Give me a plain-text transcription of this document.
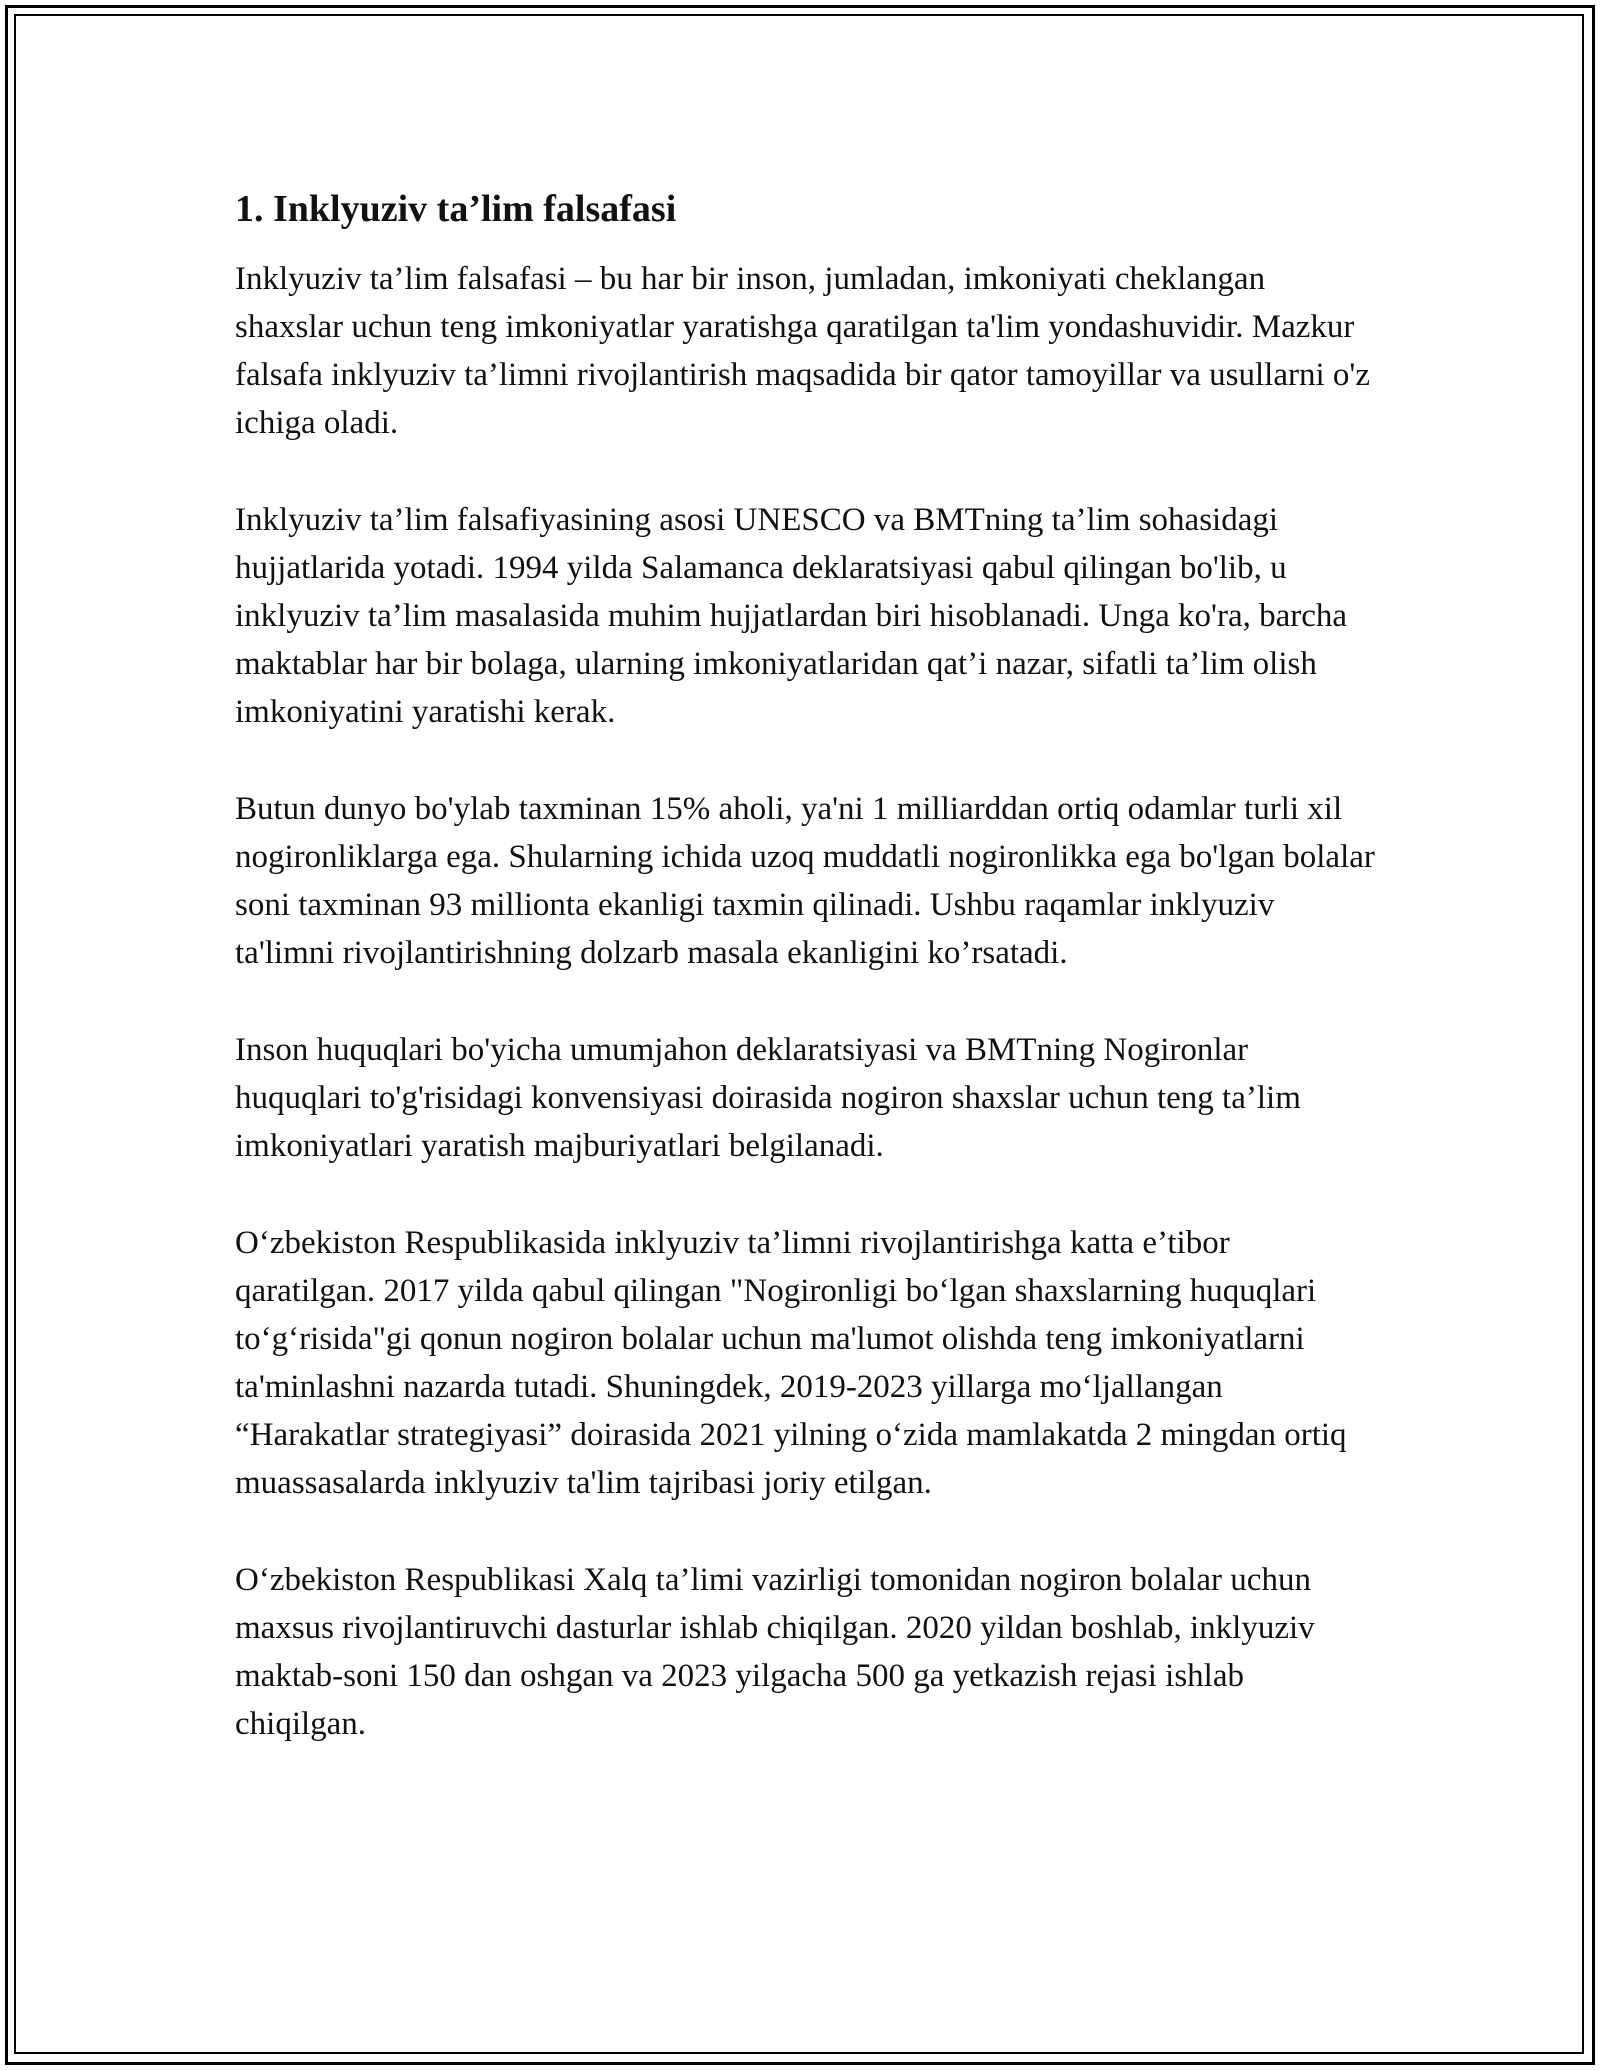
1. Inklyuziv ta’lim falsafasi

Inklyuziv ta’lim falsafasi – bu har bir inson, jumladan, imkoniyati cheklangan shaxslar uchun teng imkoniyatlar yaratishga qaratilgan ta'lim yondashuvidir. Mazkur falsafa inklyuziv ta’limni rivojlantirish maqsadida bir qator tamoyillar va usullarni o'z ichiga oladi.

Inklyuziv ta’lim falsafiyasining asosi UNESCO va BMTning ta’lim sohasidagi hujjatlarida yotadi. 1994 yilda Salamanca deklaratsiyasi qabul qilingan bo'lib, u inklyuziv ta’lim masalasida muhim hujjatlardan biri hisoblanadi. Unga ko'ra, barcha maktablar har bir bolaga, ularning imkoniyatlaridan qat’i nazar, sifatli ta’lim olish imkoniyatini yaratishi kerak.

Butun dunyo bo'ylab taxminan 15% aholi, ya'ni 1 milliarddan ortiq odamlar turli xil nogironliklarga ega. Shularning ichida uzoq muddatli nogironlikka ega bo'lgan bolalar soni taxminan 93 millionta ekanligi taxmin qilinadi. Ushbu raqamlar inklyuziv ta'limni rivojlantirishning dolzarb masala ekanligini ko’rsatadi.

Inson huquqlari bo'yicha umumjahon deklaratsiyasi va BMTning Nogironlar huquqlari to'g'risidagi konvensiyasi doirasida nogiron shaxslar uchun teng ta’lim imkoniyatlari yaratish majburiyatlari belgilanadi.

O‘zbekiston Respublikasida inklyuziv ta’limni rivojlantirishga katta e’tibor qaratilgan. 2017 yilda qabul qilingan "Nogironligi bo‘lgan shaxslarning huquqlari to‘g‘risida"gi qonun nogiron bolalar uchun ma'lumot olishda teng imkoniyatlarni ta'minlashni nazarda tutadi. Shuningdek, 2019-2023 yillarga mo‘ljallangan “Harakatlar strategiyasi” doirasida 2021 yilning o‘zida mamlakatda 2 mingdan ortiq muassasalarda inklyuziv ta'lim tajribasi joriy etilgan.

O‘zbekiston Respublikasi Xalq ta’limi vazirligi tomonidan nogiron bolalar uchun maxsus rivojlantiruvchi dasturlar ishlab chiqilgan. 2020 yildan boshlab, inklyuziv maktab-soni 150 dan oshgan va 2023 yilgacha 500 ga yetkazish rejasi ishlab chiqilgan.
